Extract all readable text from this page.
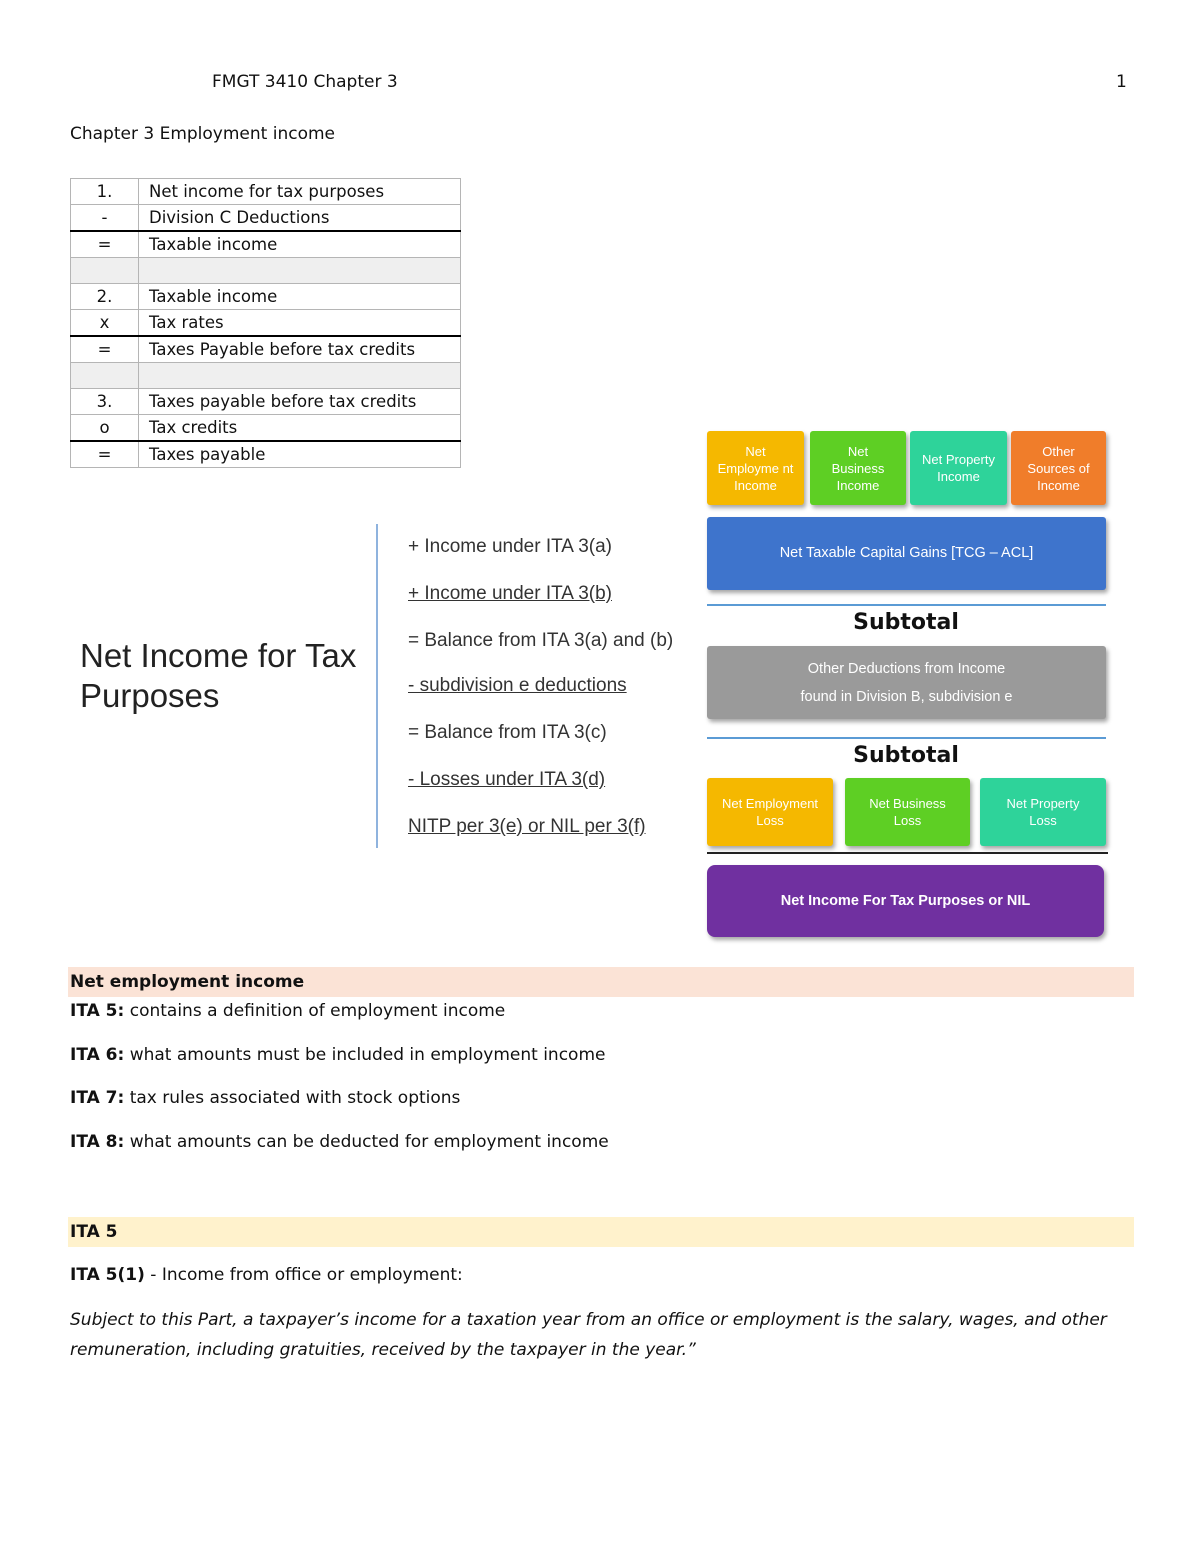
FMGT 3410 Chapter 3	1
Chapter 3 Employment income
1.	Net income for tax purposes
-	Division C Deductions
=	Taxable income

2.	Taxable income
x	Tax rates
=	Taxes Payable before tax credits

3.	Taxes payable before tax credits
o	Tax credits
=	Taxes payable
Net Income for Tax Purposes
+ Income under ITA 3(a)
+ Income under ITA 3(b)
= Balance from ITA 3(a) and (b)
- subdivision e deductions
= Balance from ITA 3(c)
- Losses under ITA 3(d)
NITP per 3(e) or NIL per 3(f)
Net Employme nt Income
Net Business Income
Net Property Income
Other Sources of Income
Net Taxable Capital Gains [TCG – ACL]
Subtotal
Other Deductions from Income
found in Division B, subdivision e
Subtotal
Net Employment Loss
Net Business Loss
Net Property Loss
Net Income For Tax Purposes or NIL
Net employment income
ITA 5: contains a definition of employment income
ITA 6: what amounts must be included in employment income
ITA 7: tax rules associated with stock options
ITA 8: what amounts can be deducted for employment income
ITA 5
ITA 5(1) - Income from office or employment:
Subject to this Part, a taxpayer’s income for a taxation year from an office or employment is the salary, wages, and other remuneration, including gratuities, received by the taxpayer in the year.”
